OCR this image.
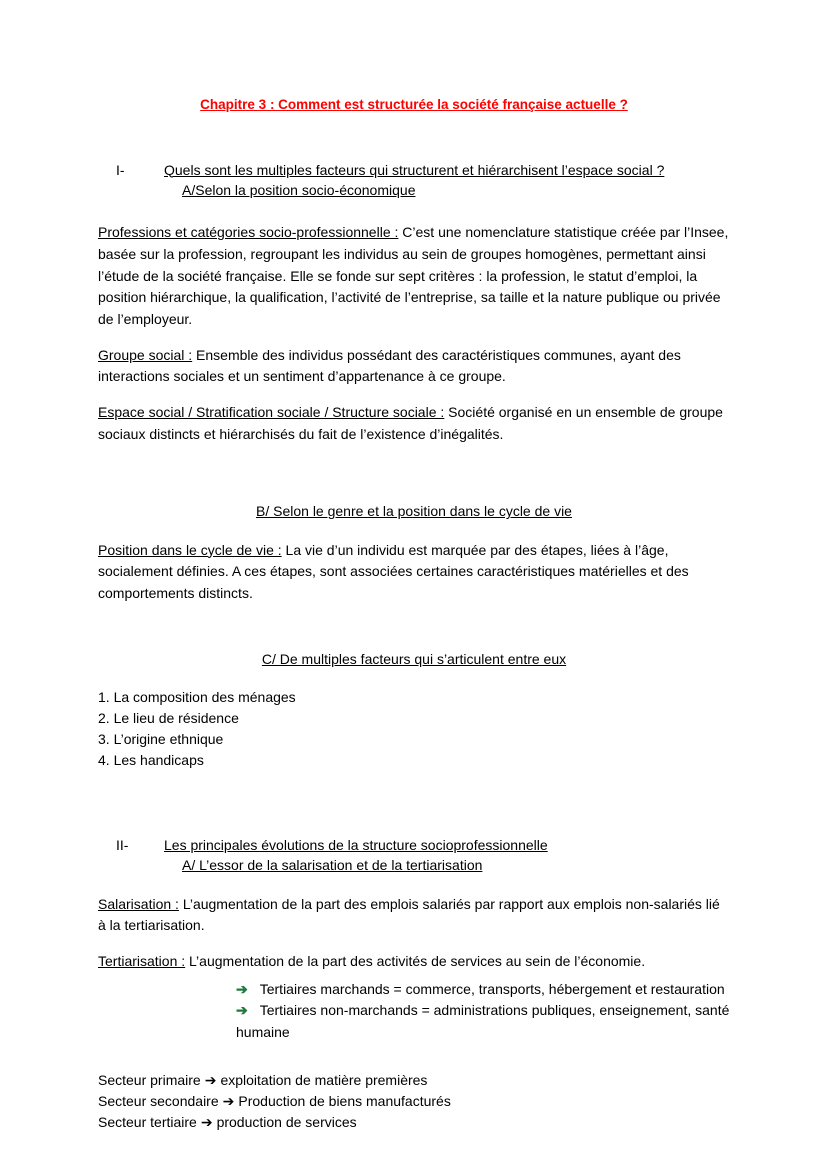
Chapitre 3 : Comment est structurée la société française actuelle ?
I-	Quels sont les multiples facteurs qui structurent et hiérarchisent l’espace social ?
A/Selon la position socio-économique

Professions et catégories socio-professionnelle : C’est une nomenclature statistique créée par l’Insee, basée sur la profession, regroupant les individus au sein de groupes homogènes, permettant ainsi l’étude de la société française. Elle se fonde sur sept critères : la profession, le statut d’emploi, la position hiérarchique, la qualification, l’activité de l’entreprise, sa taille et la nature publique ou privée de l’employeur.

Groupe social : Ensemble des individus possédant des caractéristiques communes, ayant des interactions sociales et un sentiment d’appartenance à ce groupe.

Espace social / Stratification sociale / Structure sociale : Société organisé en un ensemble de groupe sociaux distincts et hiérarchisés du fait de l’existence d’inégalités.

B/ Selon le genre et la position dans le cycle de vie

Position dans le cycle de vie : La vie d’un individu est marquée par des étapes, liées à l’âge, socialement définies. A ces étapes, sont associées certaines caractéristiques matérielles et des comportements distincts.

C/ De multiples facteurs qui s’articulent entre eux
1. La composition des ménages
2. Le lieu de résidence
3. L’origine ethnique
4. Les handicaps
II-	Les principales évolutions de la structure socioprofessionnelle
A/ L’essor de la salarisation et de la tertiarisation

Salarisation : L’augmentation de la part des emplois salariés par rapport aux emplois non-salariés lié à la tertiarisation.

Tertiarisation : L’augmentation de la part des activités de services au sein de l’économie.

➔ Tertiaires marchands = commerce, transports, hébergement et restauration
➔ Tertiaires non-marchands = administrations publiques, enseignement, santé humaine
Secteur primaire ➔ exploitation de matière premières
Secteur secondaire ➔ Production de biens manufacturés
Secteur tertiaire ➔ production de services
